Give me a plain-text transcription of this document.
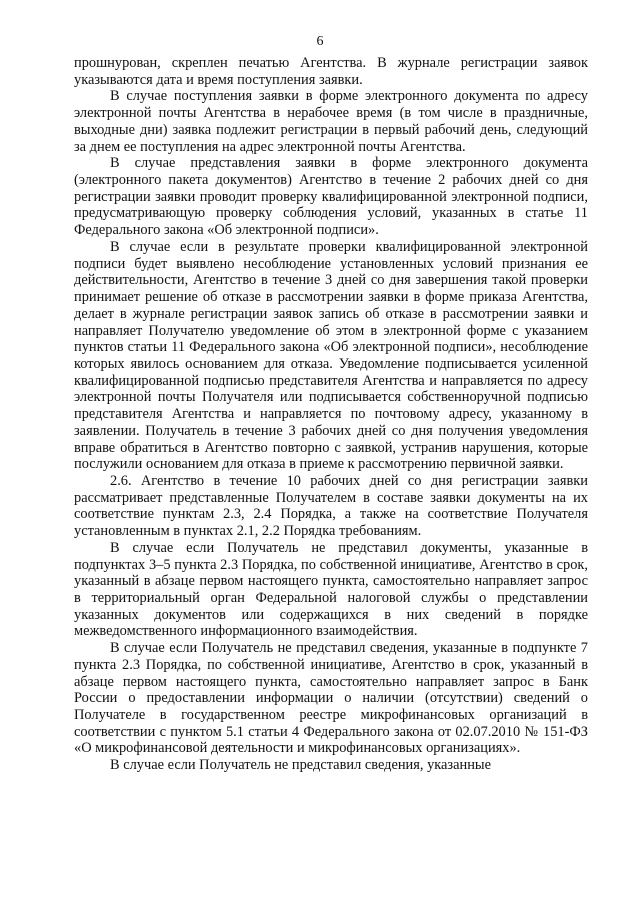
6

прошнурован, скреплен печатью Агентства. В журнале регистрации заявок указываются дата и время поступления заявки.

В случае поступления заявки в форме электронного документа по адресу электронной почты Агентства в нерабочее время (в том числе в праздничные, выходные дни) заявка подлежит регистрации в первый рабочий день, следующий за днем ее поступления на адрес электронной почты Агентства.

В случае представления заявки в форме электронного документа (электронного пакета документов) Агентство в течение 2 рабочих дней со дня регистрации заявки проводит проверку квалифицированной электронной подписи, предусматривающую проверку соблюдения условий, указанных в статье 11 Федерального закона «Об электронной подписи».

В случае если в результате проверки квалифицированной электронной подписи будет выявлено несоблюдение установленных условий признания ее действительности, Агентство в течение 3 дней со дня завершения такой проверки принимает решение об отказе в рассмотрении заявки в форме приказа Агентства, делает в журнале регистрации заявок запись об отказе в рассмотрении заявки и направляет Получателю уведомление об этом в электронной форме с указанием пунктов статьи 11 Федерального закона «Об электронной подписи», несоблюдение которых явилось основанием для отказа. Уведомление подписывается усиленной квалифицированной подписью представителя Агентства и направляется по адресу электронной почты Получателя или подписывается собственноручной подписью представителя Агентства и направляется по почтовому адресу, указанному в заявлении. Получатель в течение 3 рабочих дней со дня получения уведомления вправе обратиться в Агентство повторно с заявкой, устранив нарушения, которые послужили основанием для отказа в приеме к рассмотрению первичной заявки.

2.6. Агентство в течение 10 рабочих дней со дня регистрации заявки рассматривает представленные Получателем в составе заявки документы на их соответствие пунктам 2.3, 2.4 Порядка, а также на соответствие Получателя установленным в пунктах 2.1, 2.2 Порядка требованиям.

В случае если Получатель не представил документы, указанные в подпунктах 3–5 пункта 2.3 Порядка, по собственной инициативе, Агентство в срок, указанный в абзаце первом настоящего пункта, самостоятельно направляет запрос в территориальный орган Федеральной налоговой службы о представлении указанных документов или содержащихся в них сведений в порядке межведомственного информационного взаимодействия.

В случае если Получатель не представил сведения, указанные в подпункте 7 пункта 2.3 Порядка, по собственной инициативе, Агентство в срок, указанный в абзаце первом настоящего пункта, самостоятельно направляет запрос в Банк России о предоставлении информации о наличии (отсутствии) сведений о Получателе в государственном реестре микрофинансовых организаций в соответствии с пунктом 5.1 статьи 4 Федерального закона от 02.07.2010 № 151-ФЗ «О микрофинансовой деятельности и микрофинансовых организациях».

В случае если Получатель не представил сведения, указанные
